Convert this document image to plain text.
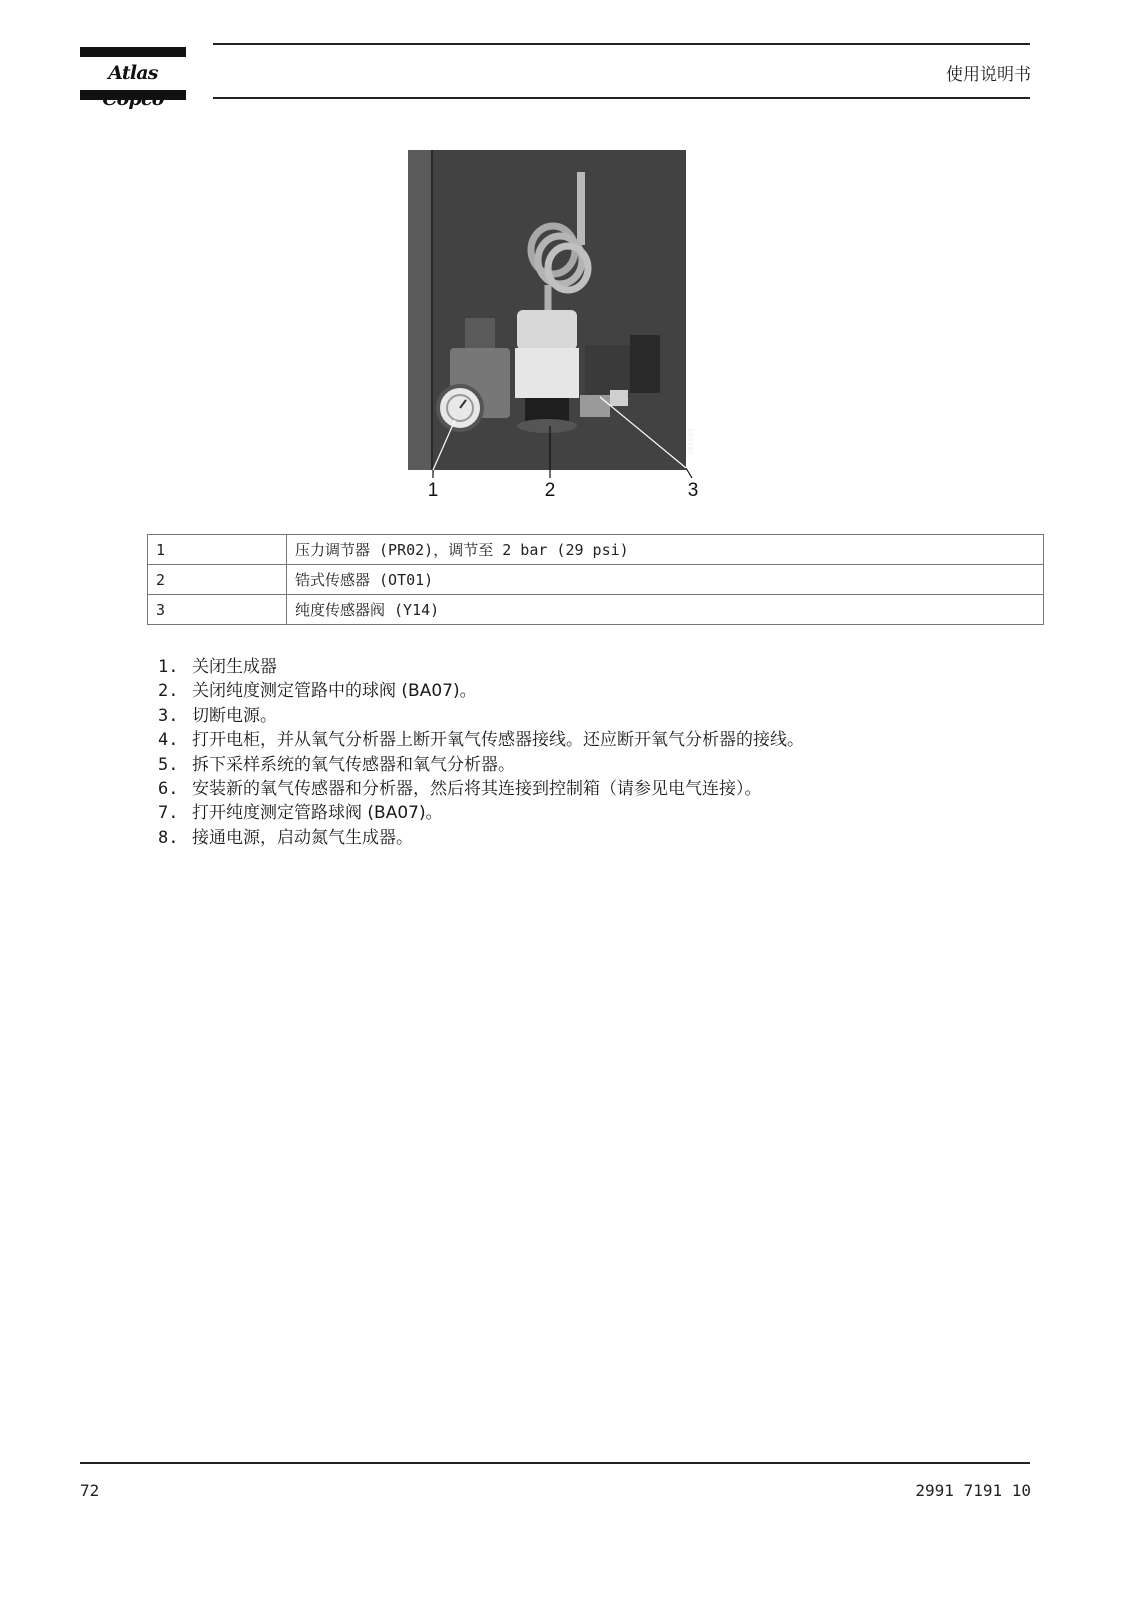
Atlas	使用说明书
061603
1	2	3
1	压力调节器 (PR02)，调节至 2 bar (29 psi)
2	锆式传感器 (OT01)
3	纯度传感器阀 (Y14)
1. 关闭生成器
2. 关闭纯度测定管路中的球阀 (BA07)。
3. 切断电源。
4. 打开电柜，并从氧气分析器上断开氧气传感器接线。还应断开氧气分析器的接线。
5. 拆下采样系统的氧气传感器和氧气分析器。
6. 安装新的氧气传感器和分析器，然后将其连接到控制箱（请参见电气连接）。
7. 打开纯度测定管路球阀 (BA07)。
8. 接通电源，启动氮气生成器。
72	2991 7191 10
